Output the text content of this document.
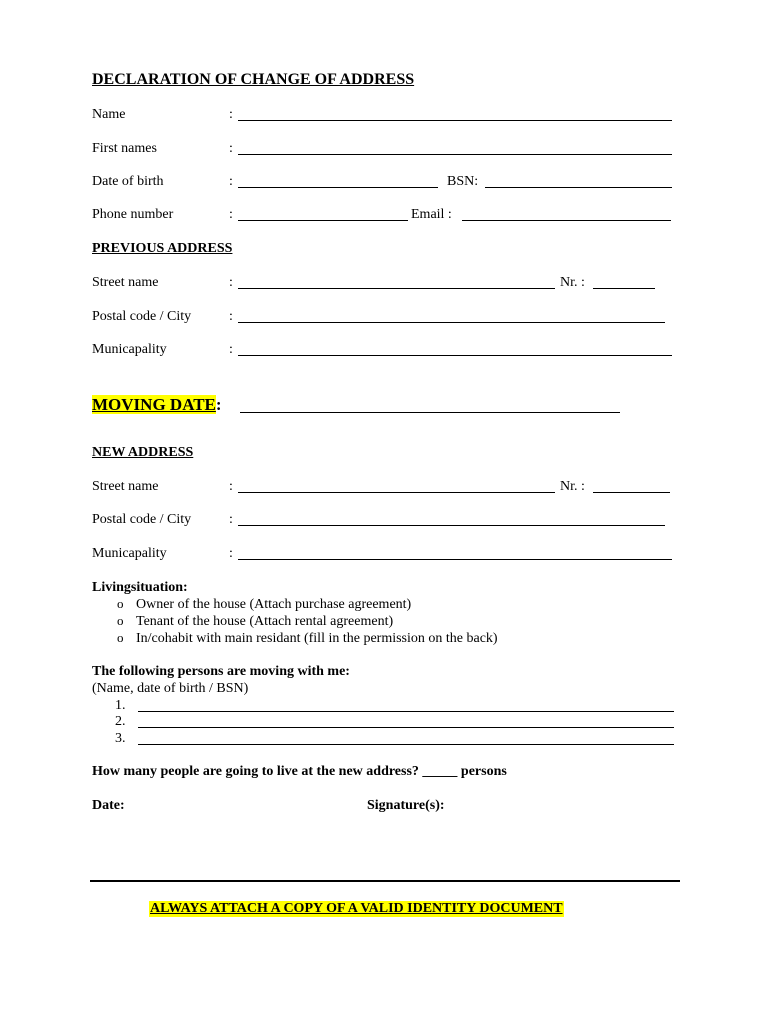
DECLARATION OF CHANGE OF ADDRESS
Name	:
First names	:
Date of birth	:	BSN:
Phone number	:	Email :
PREVIOUS ADDRESS
Street name	:	Nr. :
Postal code / City	:
Municapality	:
MOVING DATE:
NEW ADDRESS
Street name	:	Nr. :
Postal code / City	:
Municapality	:
Livingsituation:
o Owner of the house (Attach purchase agreement)
o Tenant of the house (Attach rental agreement)
o In/cohabit with main residant (fill in the permission on the back)
The following persons are moving with me:
(Name, date of birth / BSN)
1.
2.
3.
How many people are going to live at the new address? _____ persons
Date:	Signature(s):
ALWAYS ATTACH A COPY OF A VALID IDENTITY DOCUMENT
